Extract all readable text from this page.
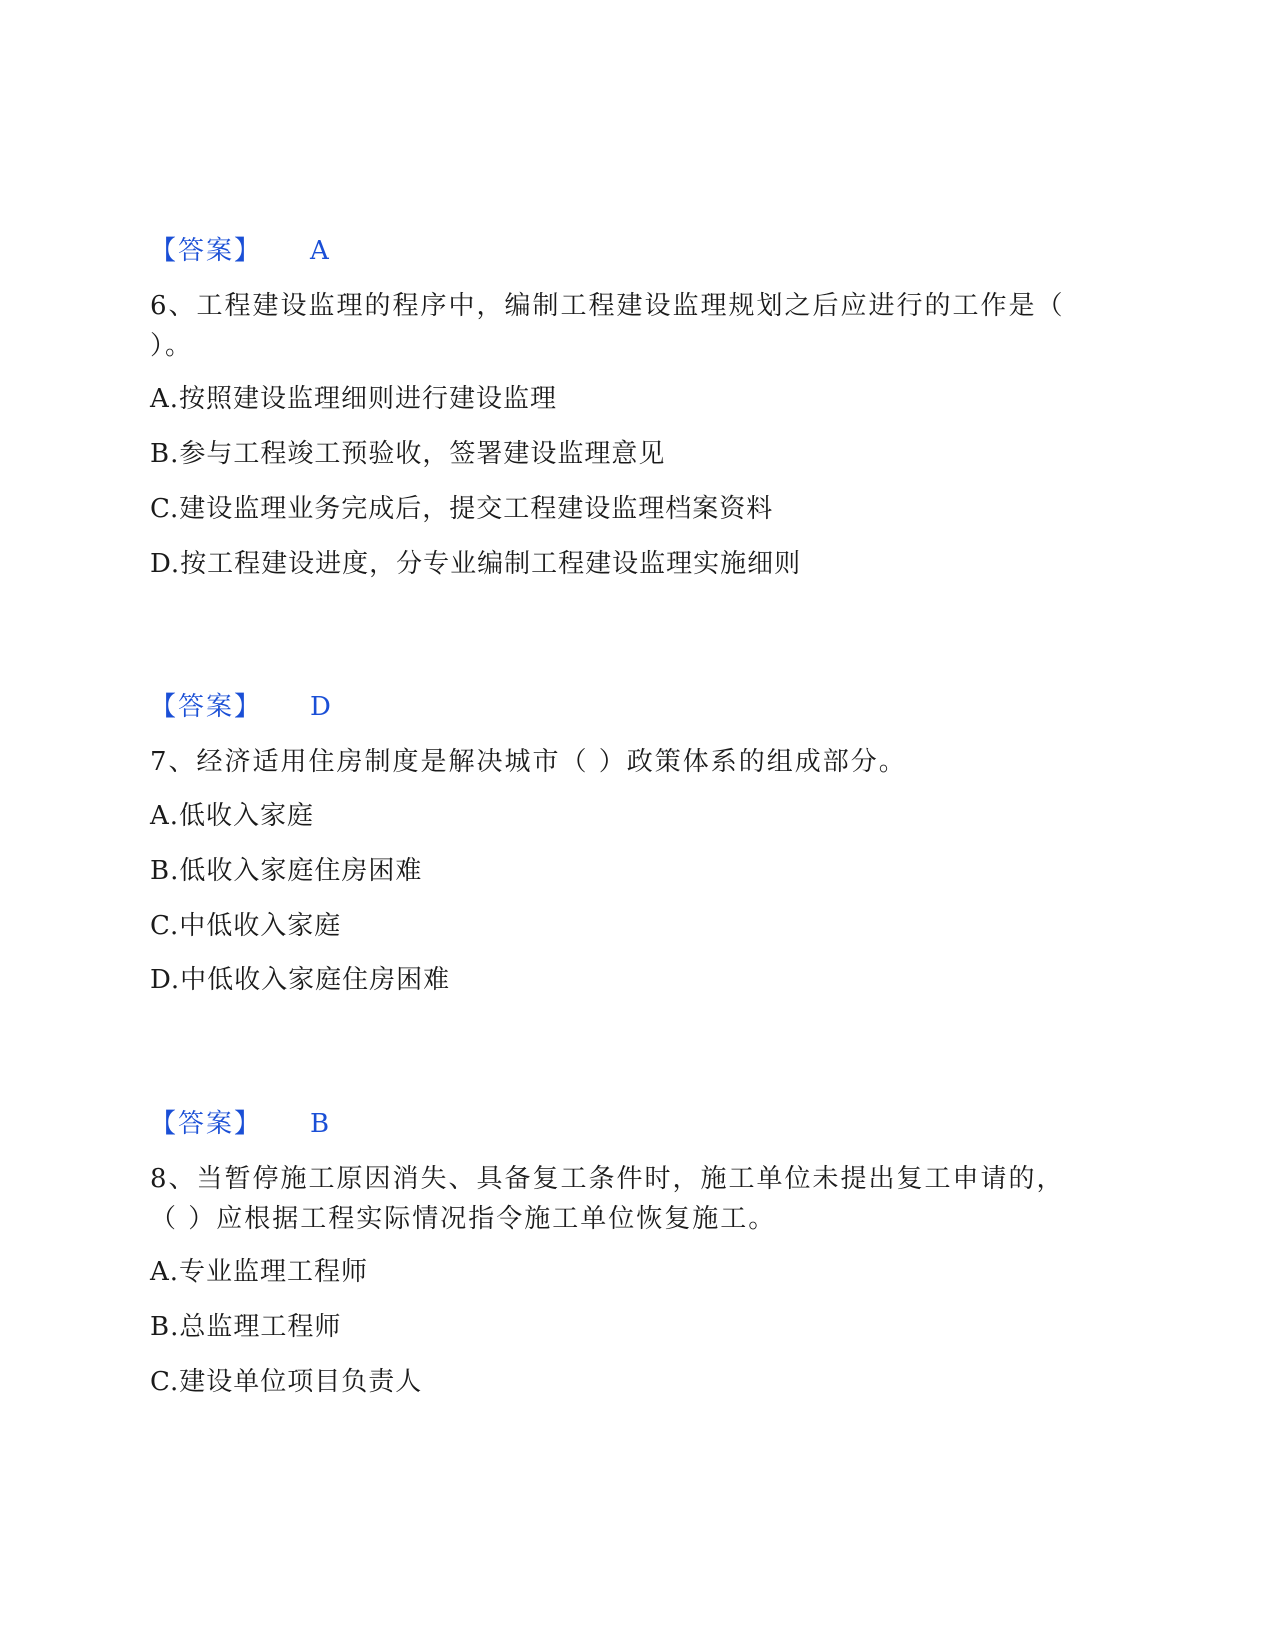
【答案】 A
6、工程建设监理的程序中，编制工程建设监理规划之后应进行的工作是（
）。
A.按照建设监理细则进行建设监理
B.参与工程竣工预验收，签署建设监理意见
C.建设监理业务完成后，提交工程建设监理档案资料
D.按工程建设进度，分专业编制工程建设监理实施细则
【答案】 D
7、经济适用住房制度是解决城市（ ）政策体系的组成部分。
A.低收入家庭
B.低收入家庭住房困难
C.中低收入家庭
D.中低收入家庭住房困难
【答案】 B
8、当暂停施工原因消失、具备复工条件时，施工单位未提出复工申请的，
（ ）应根据工程实际情况指令施工单位恢复施工。
A.专业监理工程师
B.总监理工程师
C.建设单位项目负责人
